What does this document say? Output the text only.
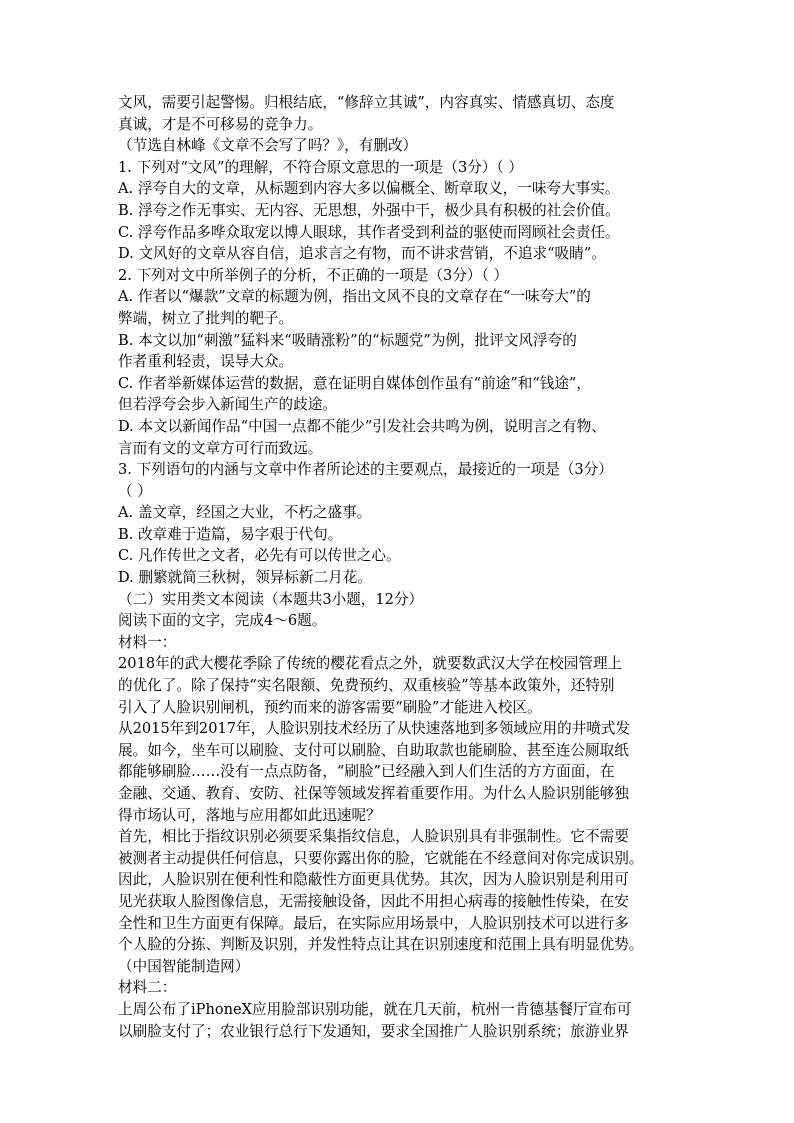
文风，需要引起警惕。归根结底，“修辞立其诚”，内容真实、情感真切、态度
真诚，才是不可移易的竞争力。
（节选自林峰《文章不会写了吗？》，有删改）
1. 下列对“文风”的理解，不符合原文意思的一项是（3分）（ ）
A. 浮夸自大的文章，从标题到内容大多以偏概全、断章取义，一味夸大事实。
B. 浮夸之作无事实、无内容、无思想，外强中干，极少具有积极的社会价值。
C. 浮夸作品多哗众取宠以博人眼球，其作者受到利益的驱使而罔顾社会责任。
D. 文风好的文章从容自信，追求言之有物，而不讲求营销，不追求“吸睛”。
2. 下列对文中所举例子的分析，不正确的一项是（3分）（ ）
A. 作者以“爆款”文章的标题为例，指出文风不良的文章存在“一味夸大”的
弊端，树立了批判的靶子。
B. 本文以加“刺激”猛料来“吸睛涨粉”的“标题党”为例，批评文风浮夸的
作者重利轻责，误导大众。
C. 作者举新媒体运营的数据，意在证明自媒体创作虽有“前途”和“钱途”，
但若浮夸会步入新闻生产的歧途。
D. 本文以新闻作品“中国一点都不能少”引发社会共鸣为例，说明言之有物、
言而有文的文章方可行而致远。
3. 下列语句的内涵与文章中作者所论述的主要观点，最接近的一项是（3分）
（ ）
A. 盖文章，经国之大业，不朽之盛事。
B. 改章难于造篇，易字艰于代句。
C. 凡作传世之文者，必先有可以传世之心。
D. 删繁就简三秋树，领异标新二月花。
（二）实用类文本阅读（本题共3小题，12分）
阅读下面的文字，完成4～6题。
材料一：
2018年的武大樱花季除了传统的樱花看点之外，就要数武汉大学在校园管理上
的优化了。除了保持“实名限额、免费预约、双重核验”等基本政策外，还特别
引入了人脸识别闸机，预约而来的游客需要“刷脸”才能进入校区。
从2015年到2017年，人脸识别技术经历了从快速落地到多领域应用的井喷式发
展。如今，坐车可以刷脸、支付可以刷脸、自助取款也能刷脸、甚至连公厕取纸
都能够刷脸……没有一点点防备，“刷脸”已经融入到人们生活的方方面面，在
金融、交通、教育、安防、社保等领域发挥着重要作用。为什么人脸识别能够独
得市场认可，落地与应用都如此迅速呢？
首先，相比于指纹识别必须要采集指纹信息，人脸识别具有非强制性。它不需要
被测者主动提供任何信息，只要你露出你的脸，它就能在不经意间对你完成识别。
因此，人脸识别在便利性和隐蔽性方面更具优势。其次，因为人脸识别是利用可
见光获取人脸图像信息，无需接触设备，因此不用担心病毒的接触性传染，在安
全性和卫生方面更有保障。最后，在实际应用场景中，人脸识别技术可以进行多
个人脸的分拣、判断及识别，并发性特点让其在识别速度和范围上具有明显优势。
（中国智能制造网）
材料二：
上周公布了iPhoneX应用脸部识别功能，就在几天前，杭州一肯德基餐厅宣布可
以刷脸支付了；农业银行总行下发通知，要求全国推广人脸识别系统；旅游业界
